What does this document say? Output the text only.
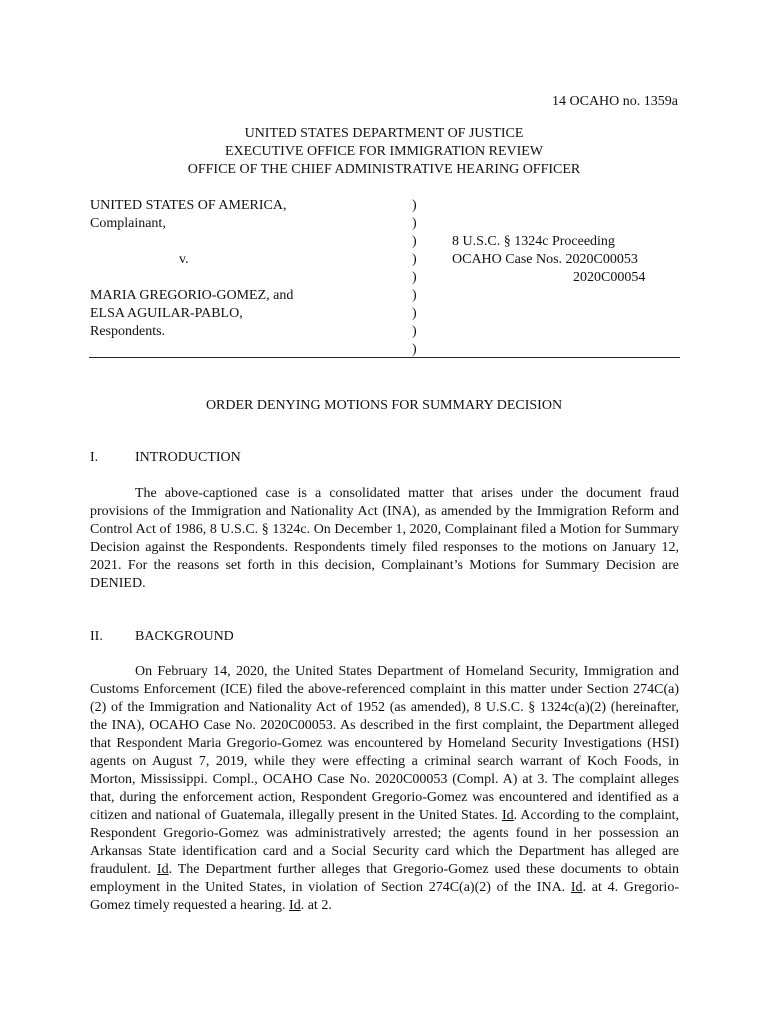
14 OCAHO no. 1359a
UNITED STATES DEPARTMENT OF JUSTICE
EXECUTIVE OFFICE FOR IMMIGRATION REVIEW
OFFICE OF THE CHIEF ADMINISTRATIVE HEARING OFFICER
UNITED STATES OF AMERICA,
Complainant,
v.
MARIA GREGORIO-GOMEZ, and
ELSA AGUILAR-PABLO,
Respondents.
)
)
)
)
)
)
)
)
)
8 U.S.C. § 1324c Proceeding
OCAHO Case Nos. 2020C00053
2020C00054
ORDER DENYING MOTIONS FOR SUMMARY DECISION
I.	INTRODUCTION

The above-captioned case is a consolidated matter that arises under the document fraud provisions of the Immigration and Nationality Act (INA), as amended by the Immigration Reform and Control Act of 1986, 8 U.S.C. § 1324c. On December 1, 2020, Complainant filed a Motion for Summary Decision against the Respondents. Respondents timely filed responses to the motions on January 12, 2021. For the reasons set forth in this decision, Complainant’s Motions for Summary Decision are DENIED.

II. BACKGROUND

On February 14, 2020, the United States Department of Homeland Security, Immigration and Customs Enforcement (ICE) filed the above-referenced complaint in this matter under Section 274C(a)(2) of the Immigration and Nationality Act of 1952 (as amended), 8 U.S.C. § 1324c(a)(2) (hereinafter, the INA), OCAHO Case No. 2020C00053. As described in the first complaint, the Department alleged that Respondent Maria Gregorio-Gomez was encountered by Homeland Security Investigations (HSI) agents on August 7, 2019, while they were effecting a criminal search warrant of Koch Foods, in Morton, Mississippi. Compl., OCAHO Case No. 2020C00053 (Compl. A) at 3. The complaint alleges that, during the enforcement action, Respondent Gregorio-Gomez was encountered and identified as a citizen and national of Guatemala, illegally present in the United States. Id. According to the complaint, Respondent Gregorio-Gomez was administratively arrested; the agents found in her possession an Arkansas State identification card and a Social Security card which the Department has alleged are fraudulent. Id. The Department further alleges that Gregorio-Gomez used these documents to obtain employment in the United States, in violation of Section 274C(a)(2) of the INA. Id. at 4. Gregorio-Gomez timely requested a hearing. Id. at 2.
